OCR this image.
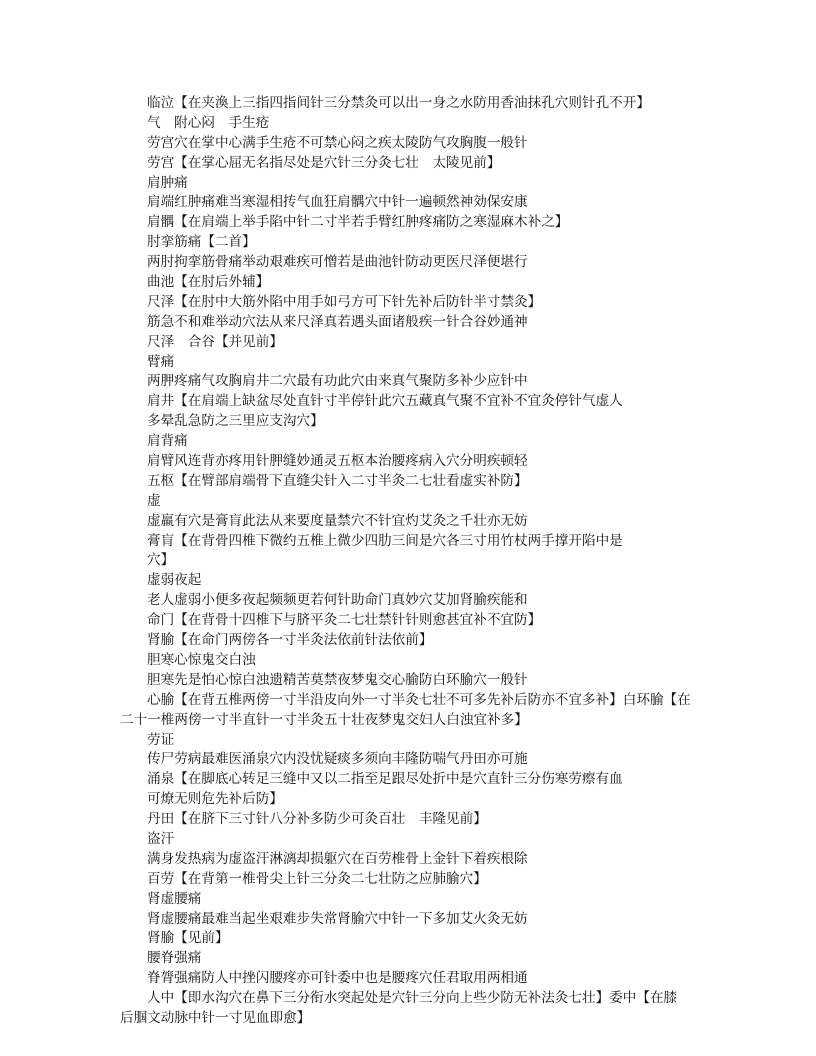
临泣【在夹渙上三指四指间针三分禁灸可以出一身之水防用香油抹孔穴则针孔不开】
气　附心闷　手生疮
劳宫穴在掌中心满手生疮不可禁心闷之疾太陵防气攻胸腹一般针
劳宫【在掌心屈无名指尽处是穴针三分灸七壮　太陵见前】
肩肿痛
肩端红肿痛难当寒湿相抟气血狂肩髃穴中针一遍顿然神効保安康
肩髃【在肩端上举手陷中针二寸半若手臂红肿疼痛防之寒湿麻木补之】
肘挛筋痛【二首】
两肘拘挛筋骨痛举动艰难疾可憎若是曲池针防动更医尺泽便堪行
曲池【在肘后外辅】
尺泽【在肘中大筋外陷中用手如弓方可下针先补后防针半寸禁灸】
筋急不和难举动穴法从来尺泽真若遇头面诸般疾一针合谷妙通神
尺泽　合谷【并见前】
臂痛
两胛疼痛气攻胸肩井二穴最有功此穴由来真气聚防多补少应针中
肩井【在肩端上缺盆尽处直针寸半停针此穴五藏真气聚不宜补不宜灸停针气虚人
多晕乱急防之三里应支沟穴】
肩背痛
肩臂风连背亦疼用针胛缝妙通灵五枢本治腰疼病入穴分明疾顿轻
五枢【在臂部肩端骨下直缝尖针入二寸半灸二七壮看虚实补防】
虚
虚羸有穴是膏肓此法从来要度量禁穴不针宜灼艾灸之千壮亦无妨
膏肓【在背骨四椎下微约五椎上微少四肋三间是穴各三寸用竹杖两手撑开陷中是
穴】
虚弱夜起
老人虚弱小便多夜起频频更若何针助命门真妙穴艾加肾腧疾能和
命门【在背骨十四椎下与脐平灸二七壮禁针针则愈甚宜补不宜防】
肾腧【在命门两傍各一寸半灸法依前针法依前】
胆寒心惊鬼交白浊
胆寒先是怕心惊白浊遗精苦莫禁夜梦鬼交心腧防白环腧穴一般针
心腧【在背五椎两傍一寸半沿皮向外一寸半灸七壮不可多先补后防亦不宜多补】白环腧【在
二十一椎两傍一寸半直针一寸半灸五十壮夜梦鬼交妇人白浊宜补多】
劳证
传尸劳病最难医涌泉穴内没忧疑痰多须向丰隆防喘气丹田亦可施
涌泉【在脚底心转足三缝中又以二指至足跟尽处折中是穴直针三分伤寒劳瘵有血
可燎无则危先补后防】
丹田【在脐下三寸针八分补多防少可灸百壮　丰隆见前】
盗汗
满身发热病为虚盗汗淋漓却损躯穴在百劳椎骨上金针下着疾根除
百劳【在背第一椎骨尖上针三分灸二七壮防之应肺腧穴】
肾虚腰痛
肾虚腰痛最难当起坐艰难步失常肾腧穴中针一下多加艾火灸无妨
肾腧【见前】
腰脊强痛
脊膂强痛防人中挫闪腰疼亦可针委中也是腰疼穴任君取用两相通
人中【即水沟穴在鼻下三分衔水突起处是穴针三分向上些少防无补法灸七壮】委中【在膝
后腘文动脉中针一寸见血即愈】
